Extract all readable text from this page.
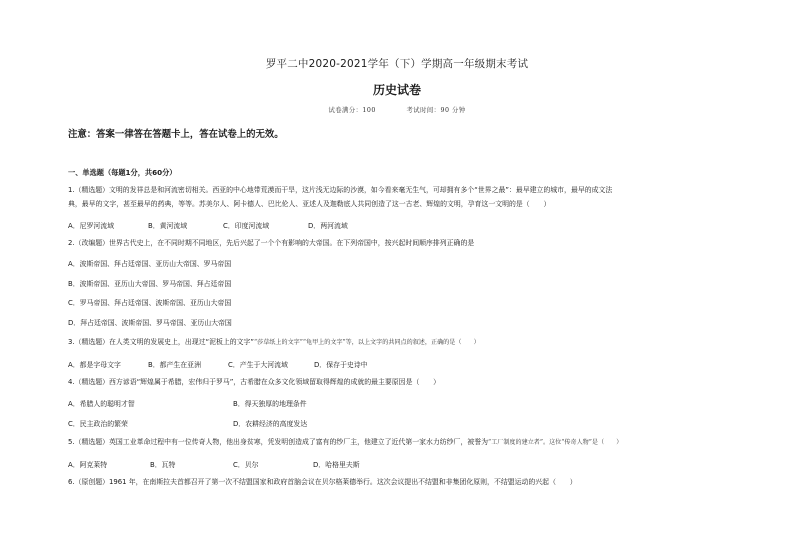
罗平二中2020-2021学年（下）学期高一年级期末考试
历史试卷
试卷满分：100	考试时间：90 分钟
注意：答案一律答在答题卡上，答在试卷上的无效。
一、单选题（每题1分，共60分）
1.（精选题）文明的发祥总是和河流密切相关。西亚的中心地带荒漠而干旱，这片浅无边际的沙漠，如今看来毫无生气，可却拥有多个“世界之最”：最早建立的城市，最早的成文法
典，最早的文字，甚至最早的药典，等等。苏美尔人、阿卡德人、巴比伦人、亚述人及迦勒底人共同创造了这一古老、辉煌的文明，孕育这一文明的是（　　）
A．尼罗河流域	B．黄河流域	C．印度河流域	D．两河流域
2.（改编题）世界古代史上，在不同时期不同地区，先后兴起了一个个有影响的大帝国。在下列帝国中，按兴起时间顺序排列正确的是
A．波斯帝国、拜占廷帝国、亚历山大帝国、罗马帝国
B．波斯帝国、亚历山大帝国、罗马帝国、拜占廷帝国
C．罗马帝国、拜占廷帝国、波斯帝国、亚历山大帝国
D．拜占廷帝国、波斯帝国、罗马帝国、亚历山大帝国
3.（精选题）在人类文明的发展史上，出现过“泥板上的文字”“莎草纸上的文字”“龟甲上的文字”等，以上文字的共同点的叙述，正确的是（　　）
A．都是字母文字	B．都产生在亚洲	C．产生于大河流域	D．保存于史诗中
4.（精选题）西方谚语“辉煌属于希腊，宏伟归于罗马”，古希腊在众多文化领域留取得辉煌的成就的最主要原因是（　　）
A．希腊人的聪明才智	B．得天独厚的地理条件
C．民主政治的繁荣	D．农耕经济的高度发达
5.（精选题）英国工业革命过程中有一位传奇人物，他出身贫寒，凭发明创造成了富有的纱厂主，他建立了近代第一家水力纺纱厂，被誉为“工厂制度的建立者”。这位“传奇人物”是（　　）
A．阿克莱特	B．瓦特	C．贝尔	D．哈格里夫斯
6.（原创题）1961 年，在南斯拉夫首都召开了第一次不结盟国家和政府首脑会议在贝尔格莱德举行。这次会议提出不结盟和非集团化原则，不结盟运动的兴起（　　）
